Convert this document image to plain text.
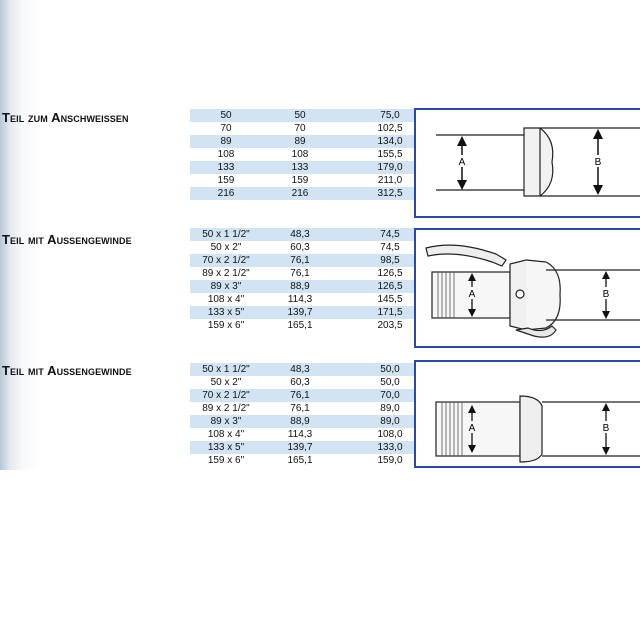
Teil zum Anschweißen	50	50	75,0
70	70	102,5
89	89	134,0
108	108	155,5
133	133	179,0
159	159	211,0
216	216	312,5
A	B
Teil mit Außengewinde	50 x 1 1/2"	48,3	74,5
50 x 2"	60,3	74,5
70 x 2 1/2"	76,1	98,5
89 x 2 1/2"	76,1	126,5
89 x 3"	88,9	126,5
108 x 4"	114,3	145,5
133 x 5"	139,7	171,5
159 x 6"	165,1	203,5
A	B
Teil mit Außengewinde	50 x 1 1/2"	48,3	50,0
50 x 2"	60,3	50,0
70 x 2 1/2"	76,1	70,0
89 x 2 1/2"	76,1	89,0
89 x 3"	88,9	89,0
108 x 4"	114,3	108,0
133 x 5"	139,7	133,0
159 x 6"	165,1	159,0
A	B
